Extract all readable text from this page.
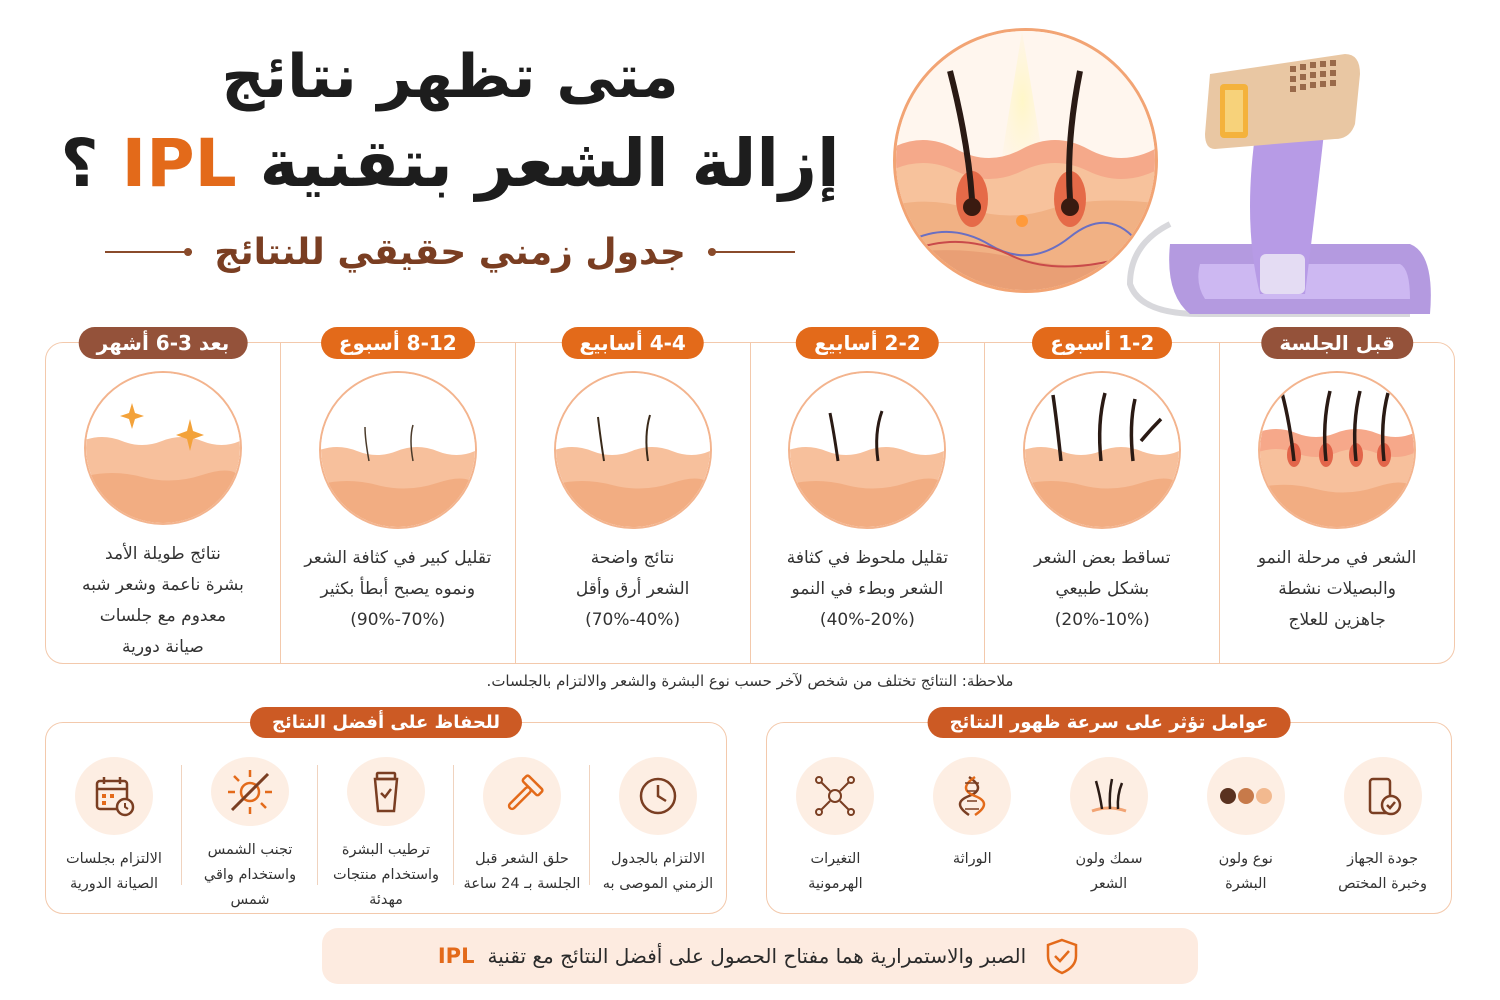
متى تظهر نتائج
إزالة الشعر بتقنية IPL ؟
جدول زمني حقيقي للنتائج
قبل الجلسة
الشعر في مرحلة النمو
والبصيلات نشطة
جاهزين للعلاج
1-2 أسبوع
تساقط بعض الشعر
بشكل طبيعي
(10%-20%)
2-2 أسابيع
تقليل ملحوظ في كثافة
الشعر وبطء في النمو
(20%-40%)
4-4 أسابيع
نتائج واضحة
الشعر أرق وأقل
(40%-70%)
8-12 أسبوع
تقليل كبير في كثافة الشعر
ونموه يصبح أبطأ بكثير
(70%-90%)
بعد 3-6 أشهر
نتائج طويلة الأمد
بشرة ناعمة وشعر شبه
معدوم مع جلسات
صيانة دورية
ملاحظة: النتائج تختلف من شخص لآخر حسب نوع البشرة والشعر والالتزام بالجلسات.
عوامل تؤثر على سرعة ظهور النتائج
جودة الجهاز
وخبرة المختص
نوع ولون
البشرة
سمك ولون
الشعر
الوراثة
التغيرات
الهرمونية
للحفاظ على أفضل النتائج
الالتزام بالجدول
الزمني الموصى به
حلق الشعر قبل
الجلسة بـ 24 ساعة
ترطيب البشرة
واستخدام منتجات
مهدئة
تجنب الشمس
واستخدام واقي
شمس
الالتزام بجلسات
الصيانة الدورية
الصبر والاستمرارية هما مفتاح الحصول على أفضل النتائج مع تقنية IPL
